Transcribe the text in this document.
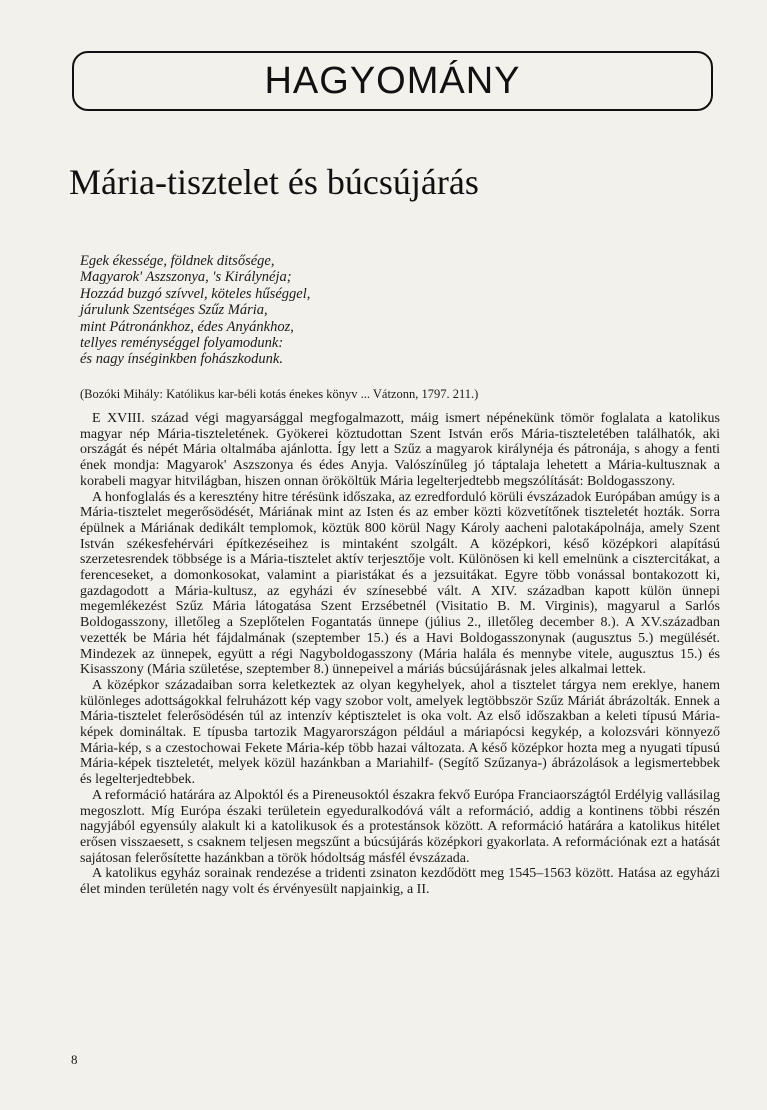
HAGYOMÁNY
Mária-tisztelet és búcsújárás
Egek ékessége, földnek ditsősége,
Magyarok' Aszszonya, 's Királynéja;
Hozzád buzgó szívvel, köteles hűséggel,
járulunk Szentséges Szűz Mária,
mint Pátronánkhoz, édes Anyánkhoz,
tellyes reménységgel folyamodunk:
és nagy ínséginkben fohászkodunk.
(Bozóki Mihály: Katólikus kar-béli kotás énekes könyv ... Vátzonn, 1797. 211.)

E XVIII. század végi magyarsággal megfogalmazott, máig ismert népénekünk tömör foglalata a katolikus magyar nép Mária-tiszteletének. Gyökerei köztudottan Szent István erős Mária-tiszteletében találhatók, aki országát és népét Máriа oltalmába ajánlotta. Így lett a Szűz a magyarok királynéja és pátronája, s ahogy a fenti ének mondja: Magyarok' Aszszonya és édes Anyja. Valószínűleg jó táptalaja lehetett a Mária-kultusznak a korabeli magyar hitvilágban, hiszen onnan örököltük Mária legelterjedtebb megszólítását: Boldogasszony.

A honfoglalás és a keresztény hitre térésünk időszaka, az ezredforduló körüli évszázadok Európában amúgy is a Mária-tisztelet megerősödését, Máriának mint az Isten és az ember közti közvetítőnek tiszteletét hozták. Sorra épülnek a Máriának dedikált templomok, köztük 800 körül Nagy Károly aacheni palotakápolnája, amely Szent István székesfehérvári építkezéseihez is mintaként szolgált. A középkori, késő középkori alapítású szerzetesrendek többsége is a Mária-tisztelet aktív terjesztője volt. Különösen ki kell emelnünk a cisztercitákat, a ferenceseket, a domonkosokat, valamint a piaristákat és a jezsuitákat. Egyre több vonással bontakozott ki, gazdagodott a Mária-kultusz, az egyházi év színesebbé vált. A XIV. században kapott külön ünnepi megemlékezést Szűz Mária látogatása Szent Erzsébetnél (Visitatio B. M. Virginis), magyarul a Sarlós Boldogasszony, illetőleg a Szeplőtelen Fogantatás ünnepe (július 2., illetőleg december 8.). A XV.században vezették be Mária hét fájdalmának (szeptember 15.) és a Havi Boldogasszonynak (augusztus 5.) megülését. Mindezek az ünnepek, együtt a régi Nagyboldogasszony (Mária halála és mennybe vitele, augusztus 15.) és Kisasszony (Mária születése, szeptember 8.) ünnepeivel a máriás búcsújárásnak jeles alkalmai lettek.

A középkor századaiban sorra keletkeztek az olyan kegyhelyek, ahol a tisztelet tárgya nem ereklye, hanem különleges adottságokkal felruházott kép vagy szobor volt, amelyek legtöbbször Szűz Máriát ábrázolták. Ennek a Mária-tisztelet felerősödésén túl az intenzív képtisztelet is oka volt. Az első időszakban a keleti típusú Mária-képek domináltak. E típusba tartozik Magyarországon például a máriapócsi kegykép, a kolozsvári könnyező Mária-kép, s a czestochowai Fekete Mária-kép több hazai változata. A késő középkor hozta meg a nyugati típusú Mária-képek tiszteletét, melyek közül hazánkban a Mariahilf- (Segítő Szűzanya-) ábrázolások a legismertebbek és legelterjedtebbek.

A reformáció határára az Alpoktól és a Pireneusoktól északra fekvő Európa Franciaországtól Erdélyig vallásilag megoszlott. Míg Európa északi területein egyeduralkodóvá vált a reformáció, addig a kontinens többi részén nagyjából egyensúly alakult ki a katolikusok és a protestánsok között. A reformáció határára a katolikus hitélet erősen visszaesett, s csaknem teljesen megszűnt a búcsújárás középkori gyakorlata. A reformációnak ezt a hatását sajátosan felerősítette hazánkban a török hódoltság másfél évszázada.

A katolikus egyház sorainak rendezése a tridenti zsinaton kezdődött meg 1545–1563 között. Hatása az egyházi élet minden területén nagy volt és érvényesült napjainkig, a II.

8
